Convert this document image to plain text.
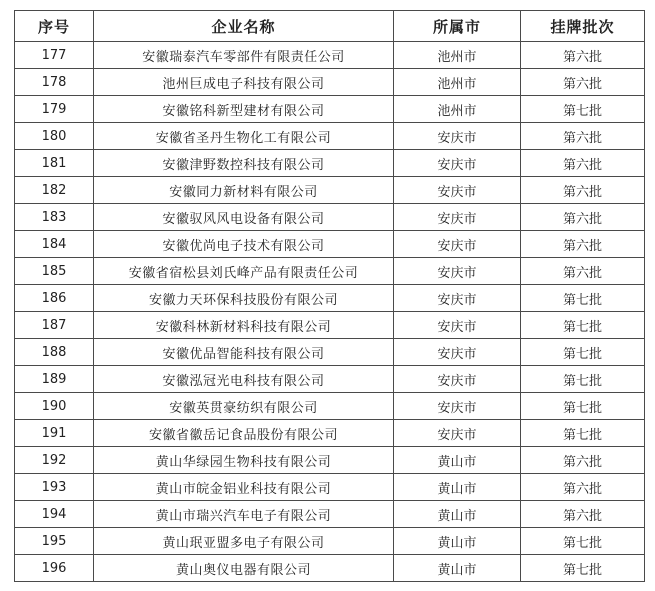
序号	企业名称	所属市	挂牌批次
177	安徽瑞泰汽车零部件有限责任公司	池州市	第六批
178	池州巨成电子科技有限公司	池州市	第六批
179	安徽铭科新型建材有限公司	池州市	第七批
180	安徽省圣丹生物化工有限公司	安庆市	第六批
181	安徽津野数控科技有限公司	安庆市	第六批
182	安徽同力新材料有限公司	安庆市	第六批
183	安徽驭风风电设备有限公司	安庆市	第六批
184	安徽优尚电子技术有限公司	安庆市	第六批
185	安徽省宿松县刘氏峰产品有限责任公司	安庆市	第六批
186	安徽力天环保科技股份有限公司	安庆市	第七批
187	安徽科林新材料科技有限公司	安庆市	第七批
188	安徽优品智能科技有限公司	安庆市	第七批
189	安徽泓冠光电科技有限公司	安庆市	第七批
190	安徽英贯豪纺织有限公司	安庆市	第七批
191	安徽省徽岳记食品股份有限公司	安庆市	第七批
192	黄山华绿园生物科技有限公司	黄山市	第六批
193	黄山市皖金铝业科技有限公司	黄山市	第六批
194	黄山市瑞兴汽车电子有限公司	黄山市	第六批
195	黄山珉亚盟多电子有限公司	黄山市	第七批
196	黄山奥仪电器有限公司	黄山市	第七批
